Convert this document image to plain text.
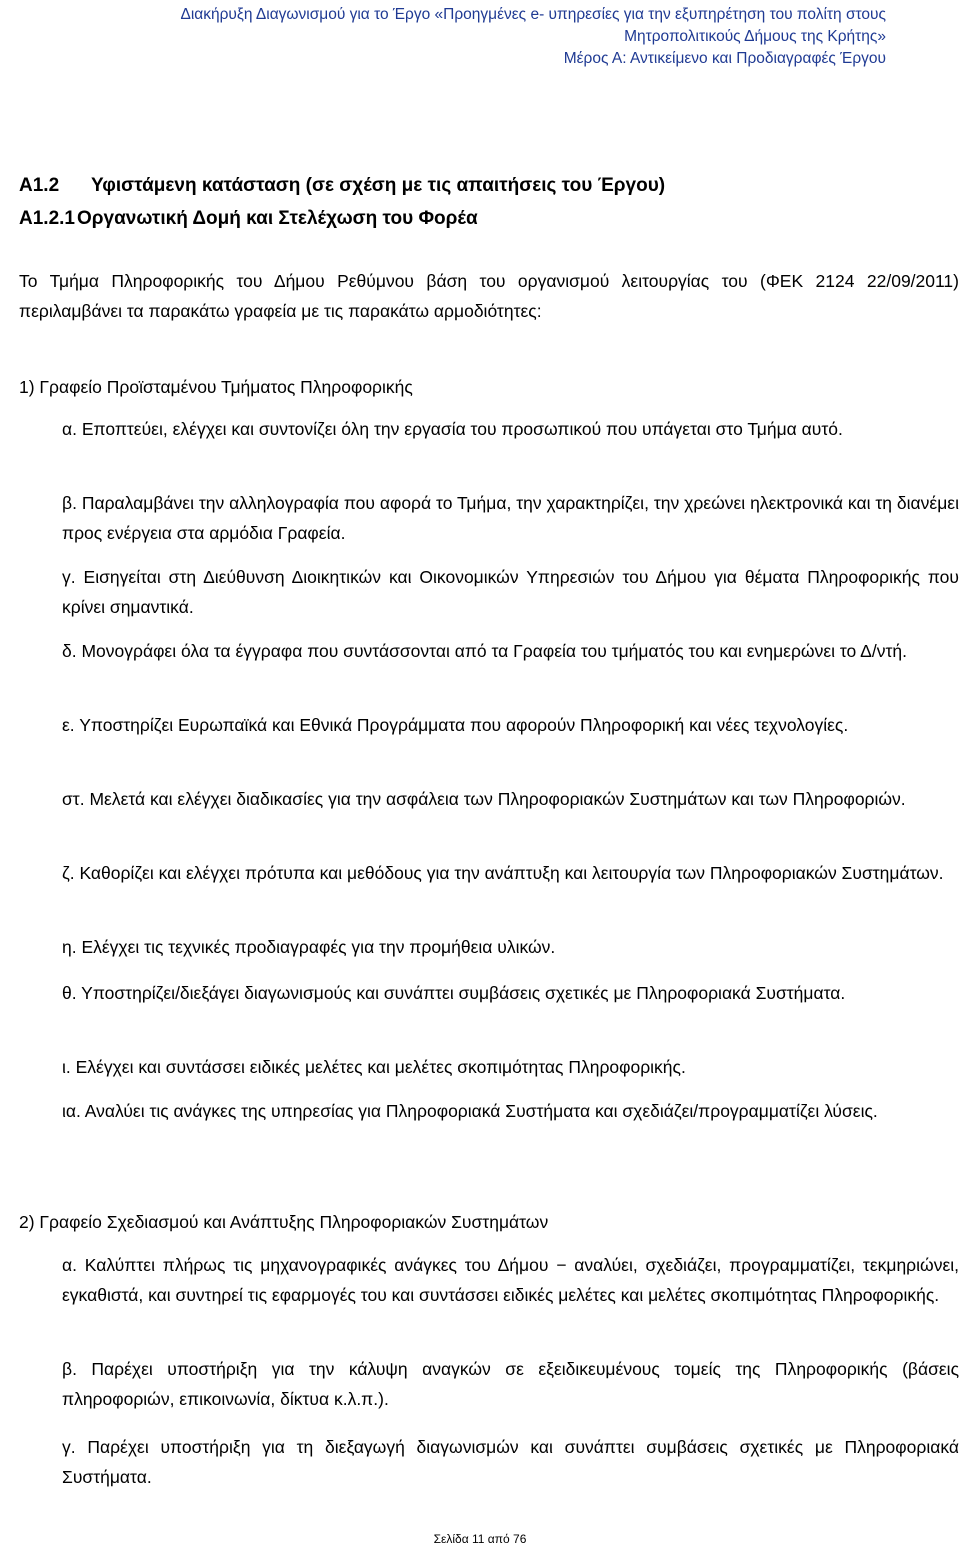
Διακήρυξη Διαγωνισμού για το Έργο «Προηγμένες e- υπηρεσίες για την εξυπηρέτηση του πολίτη στους
Μητροπολιτικούς Δήμους της Κρήτης»
Μέρος Α: Αντικείμενο και Προδιαγραφές Έργου
Α1.2 Υφιστάμενη κατάσταση (σε σχέση με τις απαιτήσεις του Έργου)
Α1.2.1 Οργανωτική Δομή και Στελέχωση του Φορέα
Το Τμήμα Πληροφορικής του Δήμου Ρεθύμνου βάση του οργανισμού λειτουργίας του (ΦΕΚ 2124 22/09/2011) περιλαμβάνει τα παρακάτω γραφεία με τις παρακάτω αρμοδιότητες:
1) Γραφείο Προϊσταμένου Τμήματος Πληροφορικής
α. Εποπτεύει, ελέγχει και συντονίζει όλη την εργασία του προσωπικού που υπάγεται στο Τμήμα αυτό.
β. Παραλαμβάνει την αλληλογραφία που αφορά το Τμήμα, την χαρακτηρίζει, την χρεώνει ηλεκτρονικά και τη διανέμει προς ενέργεια στα αρμόδια Γραφεία.
γ. Εισηγείται στη Διεύθυνση Διοικητικών και Οικονομικών Υπηρεσιών του Δήμου για θέματα Πληροφορικής που κρίνει σημαντικά.
δ. Μονογράφει όλα τα έγγραφα που συντάσσονται από τα Γραφεία του τμήματός του και ενημερώνει το Δ/ντή.
ε. Υποστηρίζει Ευρωπαϊκά και Εθνικά Προγράμματα που αφορούν Πληροφορική και νέες τεχνολογίες.
στ. Μελετά και ελέγχει διαδικασίες για την ασφάλεια των Πληροφοριακών Συστημάτων και των Πληροφοριών.
ζ. Καθορίζει και ελέγχει πρότυπα και μεθόδους για την ανάπτυξη και λειτουργία των Πληροφοριακών Συστημάτων.
η. Ελέγχει τις τεχνικές προδιαγραφές για την προμήθεια υλικών.
θ. Υποστηρίζει/διεξάγει διαγωνισμούς και συνάπτει συμβάσεις σχετικές με Πληροφοριακά Συστήματα.
ι. Ελέγχει και συντάσσει ειδικές μελέτες και μελέτες σκοπιμότητας Πληροφορικής.
ια. Αναλύει τις ανάγκες της υπηρεσίας για Πληροφοριακά Συστήματα και σχεδιάζει/προγραμματίζει λύσεις.
2) Γραφείο Σχεδιασμού και Ανάπτυξης Πληροφοριακών Συστημάτων
α. Καλύπτει πλήρως τις μηχανογραφικές ανάγκες του Δήμου − αναλύει, σχεδιάζει, προγραμματίζει, τεκμηριώνει, εγκαθιστά, και συντηρεί τις εφαρμογές του και συντάσσει ειδικές μελέτες και μελέτες σκοπιμότητας Πληροφορικής.
β. Παρέχει υποστήριξη για την κάλυψη αναγκών σε εξειδικευμένους τομείς της Πληροφορικής (βάσεις πληροφοριών, επικοινωνία, δίκτυα κ.λ.π.).
γ. Παρέχει υποστήριξη για τη διεξαγωγή διαγωνισμών και συνάπτει συμβάσεις σχετικές με Πληροφοριακά Συστήματα.
Σελίδα 11 από 76
